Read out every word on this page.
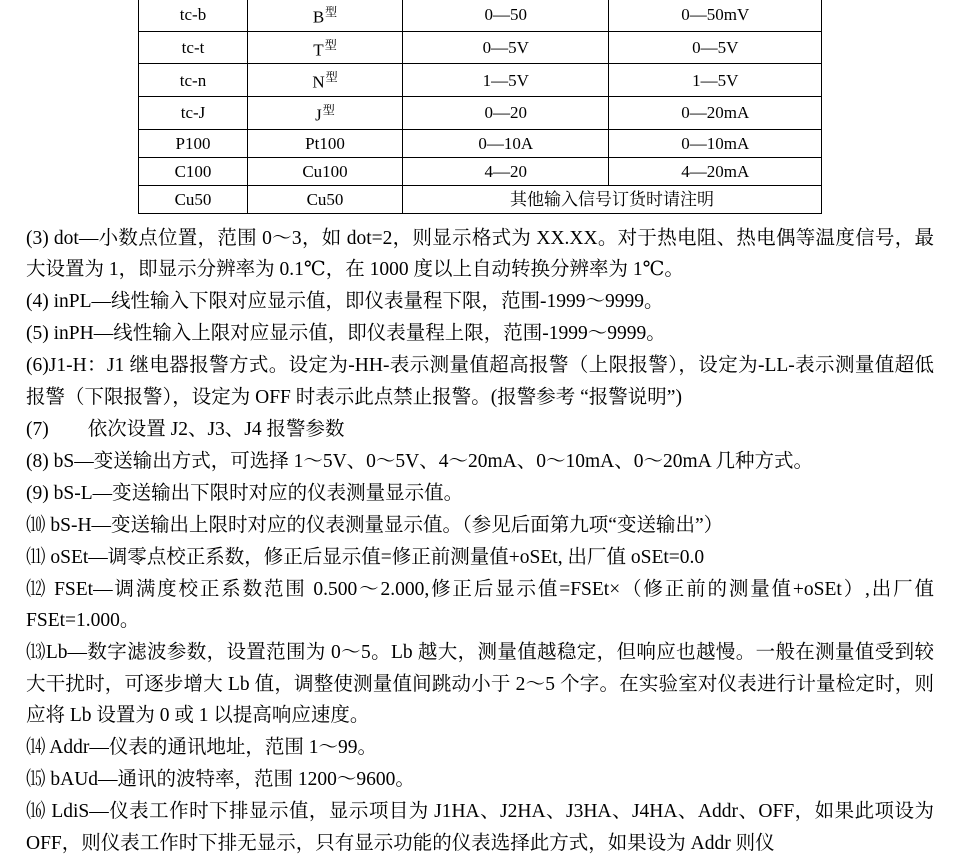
tc-b	$B^型$	0—50	0—50mV
tc-t	$T^型$	0—5V	0—5V
tc-n	$N^型$	1—5V	1—5V
tc-J	$J^型$	0—20	0—20mA
P100	Pt100	0—10A	0—10mA
C100	Cu100	4—20	4—20mA
Cu50	Cu50	其他输入信号订货时请注明	

(3) dot—小数点位置，范围 0～3，如 dot=2，则显示格式为 XX.XX。对于热电阻、热电偶等温度信号，最大设置为 1，即显示分辨率为 0.1℃，在 1000 度以上自动转换分辨率为 1℃。

(4) inPL—线性输入下限对应显示值，即仪表量程下限，范围-1999～9999。

(5) inPH—线性输入上限对应显示值，即仪表量程上限，范围-1999～9999。

(6)J1-H：J1 继电器报警方式。设定为-HH-表示测量值超高报警（上限报警），设定为-LL-表示测量值超低报警（下限报警），设定为 OFF 时表示此点禁止报警。(报警参考 “报警说明”)

(7)　　依次设置 J2、J3、J4 报警参数

(8) bS—变送输出方式，可选择 1～5V、0～5V、4～20mA、0～10mA、0～20mA 几种方式。

(9) bS-L—变送输出下限时对应的仪表测量显示值。

⑽ bS-H—变送输出上限时对应的仪表测量显示值。（参见后面第九项“变送输出”）

⑾ oSEt—调零点校正系数，修正后显示值=修正前测量值+oSEt, 出厂值 oSEt=0.0

⑿ FSEt—调满度校正系数范围 0.500～2.000,修正后显示值=FSEt×（修正前的测量值+oSEt）,出厂值 FSEt=1.000。

⒀Lb—数字滤波参数，设置范围为 0～5。Lb 越大，测量值越稳定，但响应也越慢。一般在测量值受到较大干扰时，可逐步增大 Lb 值，调整使测量值间跳动小于 2～5 个字。在实验室对仪表进行计量检定时，则应将 Lb 设置为 0 或 1 以提高响应速度。

⒁ Addr—仪表的通讯地址，范围 1～99。

⒂ bAUd—通讯的波特率，范围 1200～9600。

⒃ LdiS—仪表工作时下排显示值，显示项目为 J1HA、J2HA、J3HA、J4HA、Addr、OFF，如果此项设为 OFF，则仪表工作时下排无显示，只有显示功能的仪表选择此方式，如果设为 Addr 则仪
